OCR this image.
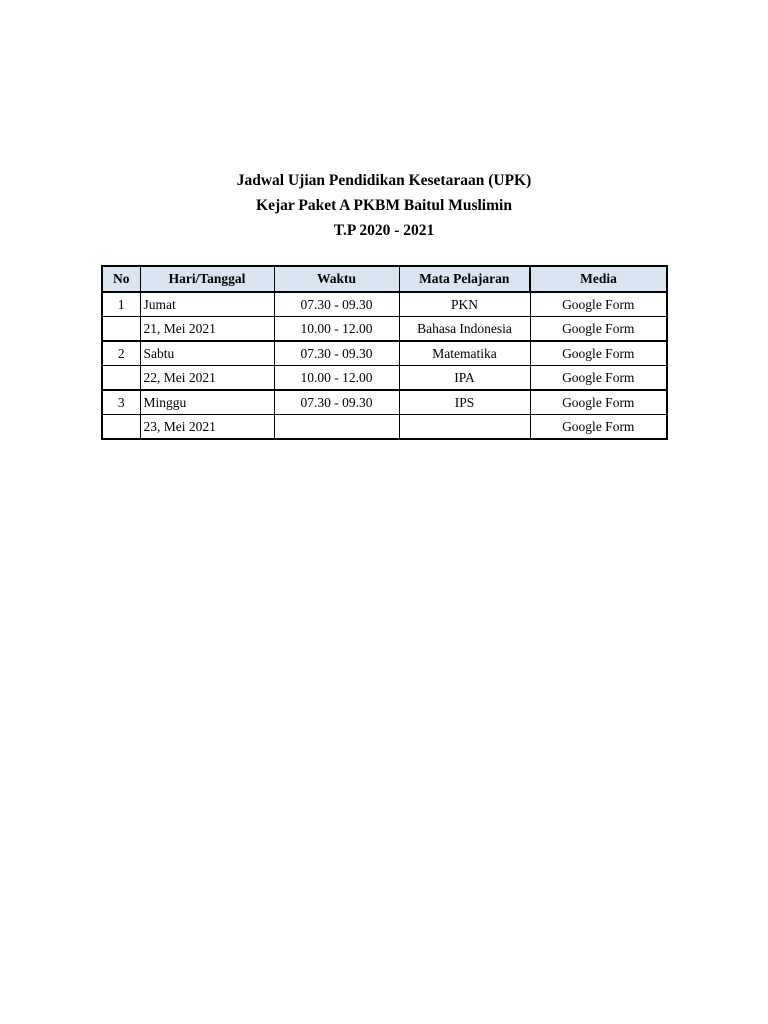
Jadwal Ujian Pendidikan Kesetaraan (UPK)
Kejar Paket A PKBM Baitul Muslimin
T.P 2020 - 2021
No	Hari/Tanggal	Waktu	Mata Pelajaran	Media
1	Jumat	07.30 - 09.30	PKN	Google Form
	21, Mei 2021	10.00 - 12.00	Bahasa Indonesia	Google Form
2	Sabtu	07.30 - 09.30	Matematika	Google Form
	22, Mei 2021	10.00 - 12.00	IPA	Google Form
3	Minggu	07.30 - 09.30	IPS	Google Form
	23, Mei 2021			Google Form
